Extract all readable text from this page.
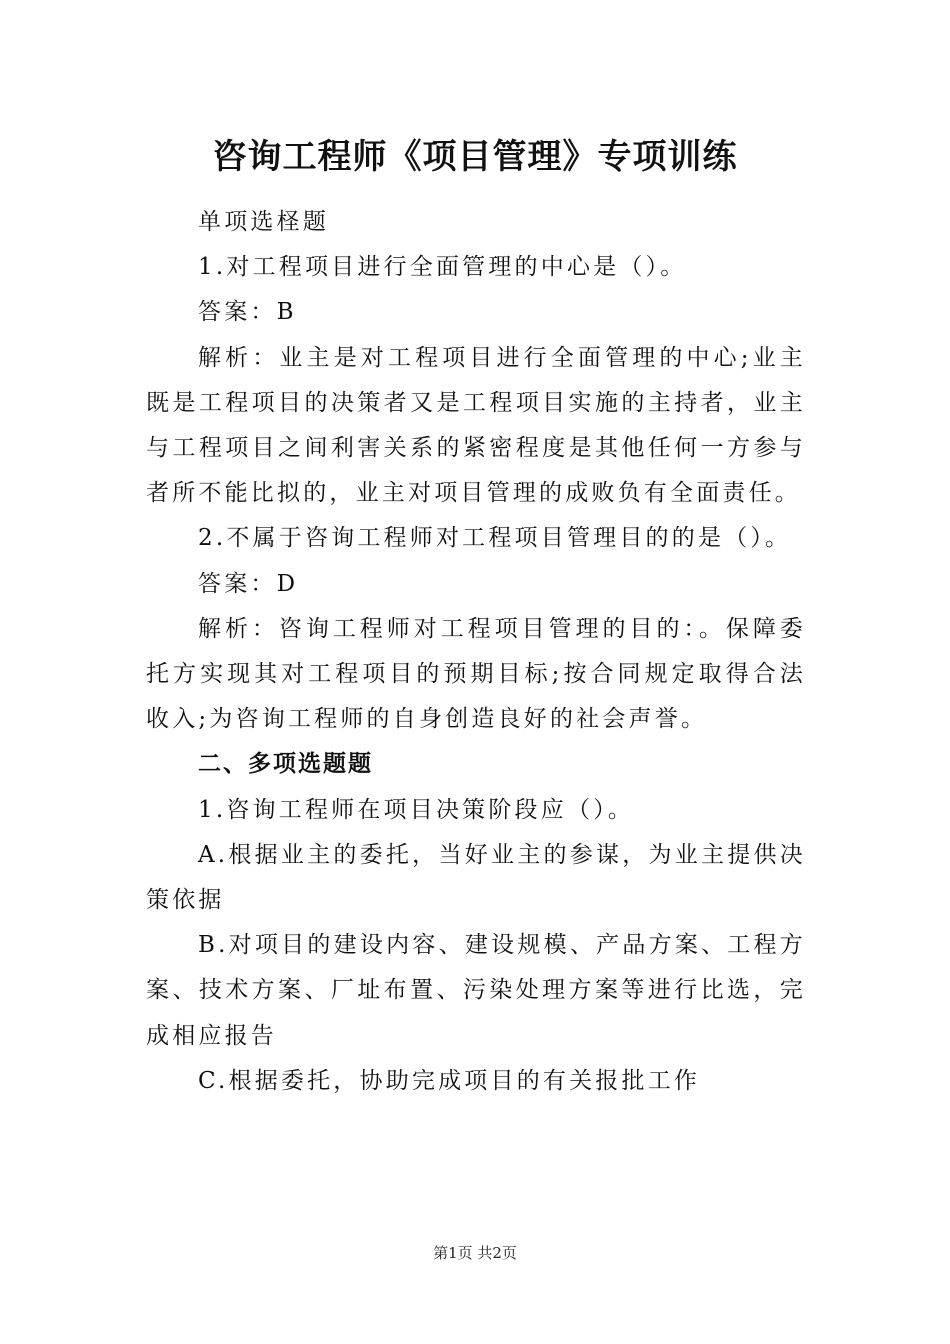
咨询工程师《项目管理》专项训练

单项选柽题

1.对工程项目进行全面管理的中心是（）。

答案：B

解析：业主是对工程项目进行全面管理的中心;业主既是工程项目的决策者又是工程项目实施的主持者，业主与工程项目之间利害关系的紧密程度是其他任何一方参与者所不能比拟的，业主对项目管理的成败负有全面责任。

2.不属于咨询工程师对工程项目管理目的的是（）。

答案：D

解析：咨询工程师对工程项目管理的目的：。保障委托方实现其对工程项目的预期目标;按合同规定取得合法收入;为咨询工程师的自身创造良好的社会声誉。

二、多项选题题

1.咨询工程师在项目决策阶段应（）。

A.根据业主的委托，当好业主的参谋，为业主提供决策依据

B.对项目的建设内容、建设规模、产品方案、工程方案、技术方案、厂址布置、污染处理方案等进行比选，完成相应报告

C.根据委托，协助完成项目的有关报批工作

第1页 共2页
